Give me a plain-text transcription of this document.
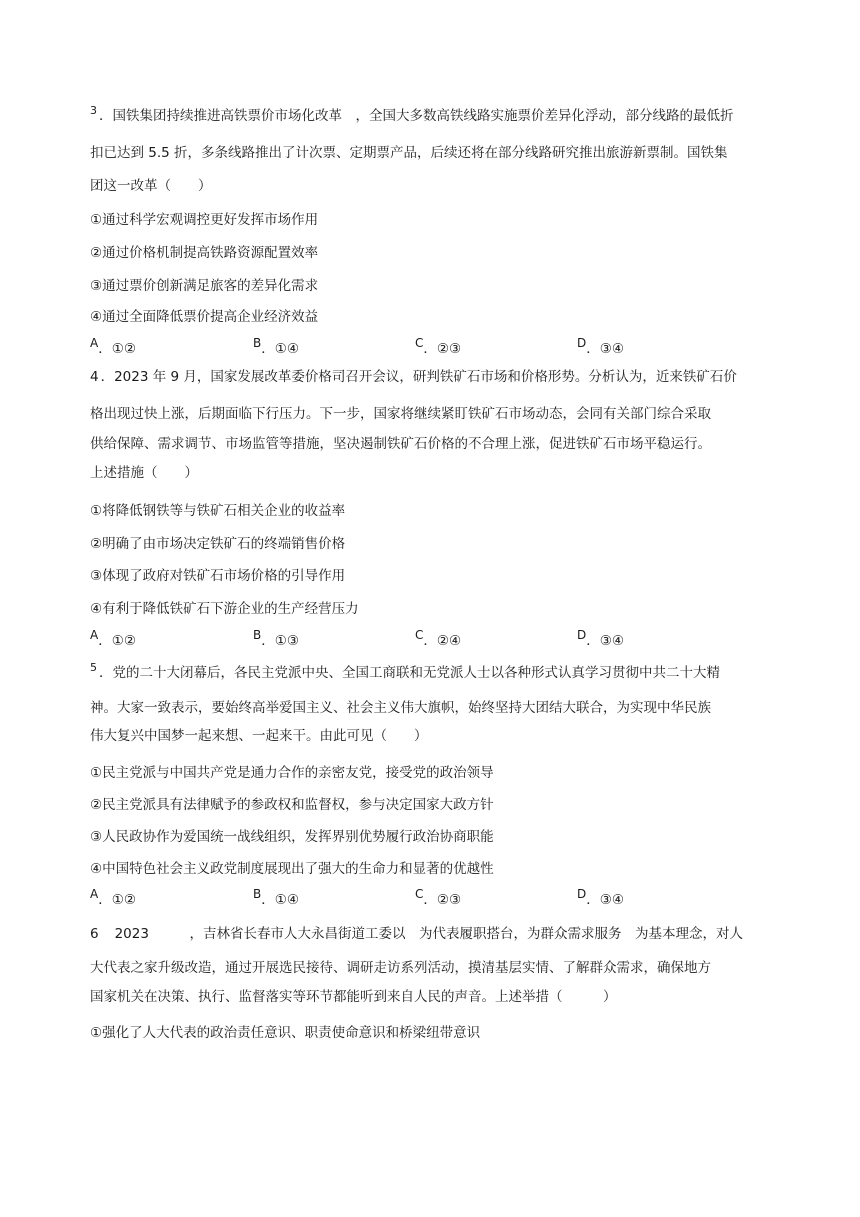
3 ．国铁集团持续推进高铁票价市场化改革　，全国大多数高铁线路实施票价差异化浮动，部分线路的最低折
扣已达到 5.5 折，多条线路推出了计次票、定期票产品，后续还将在部分线路研究推出旅游新票制。国铁集
团这一改革（　　）
①通过科学宏观调控更好发挥市场作用
②通过价格机制提高铁路资源配置效率
③通过票价创新满足旅客的差异化需求
④通过全面降低票价提高企业经济效益
A．①②	B．①④	C．②③	D．③④
4 ．2023 年 9 月，国家发展改革委价格司召开会议，研判铁矿石市场和价格形势。分析认为，近来铁矿石价
格出现过快上涨，后期面临下行压力。下一步，国家将继续紧盯铁矿石市场动态，会同有关部门综合采取
供给保障、需求调节、市场监管等措施，坚决遏制铁矿石价格的不合理上涨，促进铁矿石市场平稳运行。
上述措施（　　）
①将降低钢铁等与铁矿石相关企业的收益率
②明确了由市场决定铁矿石的终端销售价格
③体现了政府对铁矿石市场价格的引导作用
④有利于降低铁矿石下游企业的生产经营压力
A．①②	B．①③	C．②④	D．③④
5 ．党的二十大闭幕后，各民主党派中央、全国工商联和无党派人士以各种形式认真学习贯彻中共二十大精
神。大家一致表示，要始终高举爱国主义、社会主义伟大旗帜，始终坚持大团结大联合，为实现中华民族
伟大复兴中国梦一起来想、一起来干。由此可见（　　）
①民主党派与中国共产党是通力合作的亲密友党，接受党的政治领导
②民主党派具有法律赋予的参政权和监督权，参与决定国家大政方针
③人民政协作为爱国统一战线组织，发挥界别优势履行政治协商职能
④中国特色社会主义政党制度展现出了强大的生命力和显著的优越性
A．①②	B．①④	C．②③	D．③④
6 2023　　　，吉林省长春市人大永昌街道工委以　为代表履职搭台，为群众需求服务　为基本理念，对人
大代表之家升级改造，通过开展选民接待、调研走访系列活动，摸清基层实情、了解群众需求，确保地方
国家机关在决策、执行、监督落实等环节都能听到来自人民的声音。上述举措（　　　）
①强化了人大代表的政治责任意识、职责使命意识和桥梁纽带意识
